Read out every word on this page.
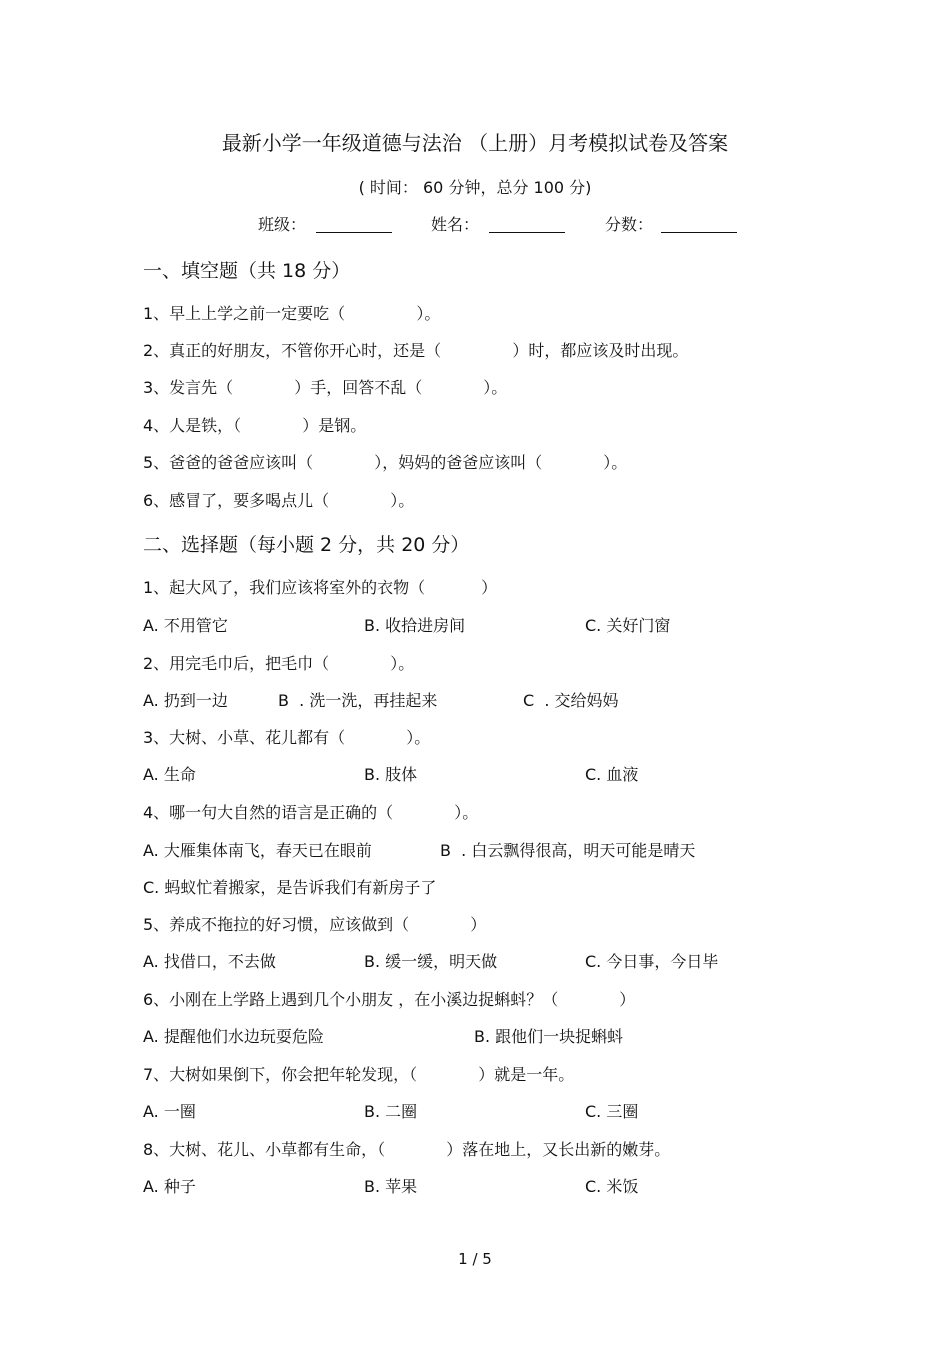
最新小学一年级道德与法治 （上册）月考模拟试卷及答案
( 时间： 60 分钟，总分 100 分)
班级：	姓名：	分数：
一、填空题（共 18 分）
1、早上上学之前一定要吃（              ）。
2、真正的好朋友，不管你开心时，还是（              ）时，都应该及时出现。
3、发言先（            ）手，回答不乱（            ）。
4、人是铁，（            ）是钢。
5、爸爸的爸爸应该叫（            ），妈妈的爸爸应该叫（            ）。
6、感冒了，要多喝点儿（            ）。
二、选择题（每小题 2 分，共 20 分）
1、起大风了，我们应该将室外的衣物（           ）
A. 不用管它	B. 收拾进房间	C. 关好门窗
2、用完毛巾后，把毛巾（            ）。
A. 扔到一边	B  . 洗一洗，再挂起来	C  . 交给妈妈
3、大树、小草、花儿都有（            ）。
A. 生命	B. 肢体	C. 血液
4、哪一句大自然的语言是正确的（            ）。
A. 大雁集体南飞，春天已在眼前	B  . 白云飘得很高，明天可能是晴天
C. 蚂蚁忙着搬家，是告诉我们有新房子了
5、养成不拖拉的好习惯，应该做到（            ）
A. 找借口，不去做	B. 缓一缓，明天做	C. 今日事，今日毕
6、小刚在上学路上遇到几个小朋友 ，在小溪边捉蝌蚪？（            ）
A. 提醒他们水边玩耍危险	B. 跟他们一块捉蝌蚪
7、大树如果倒下，你会把年轮发现，（            ）就是一年。
A. 一圈	B. 二圈	C. 三圈
8、大树、花儿、小草都有生命，（            ）落在地上，又长出新的嫩芽。
A. 种子	B. 苹果	C. 米饭
1 / 5
